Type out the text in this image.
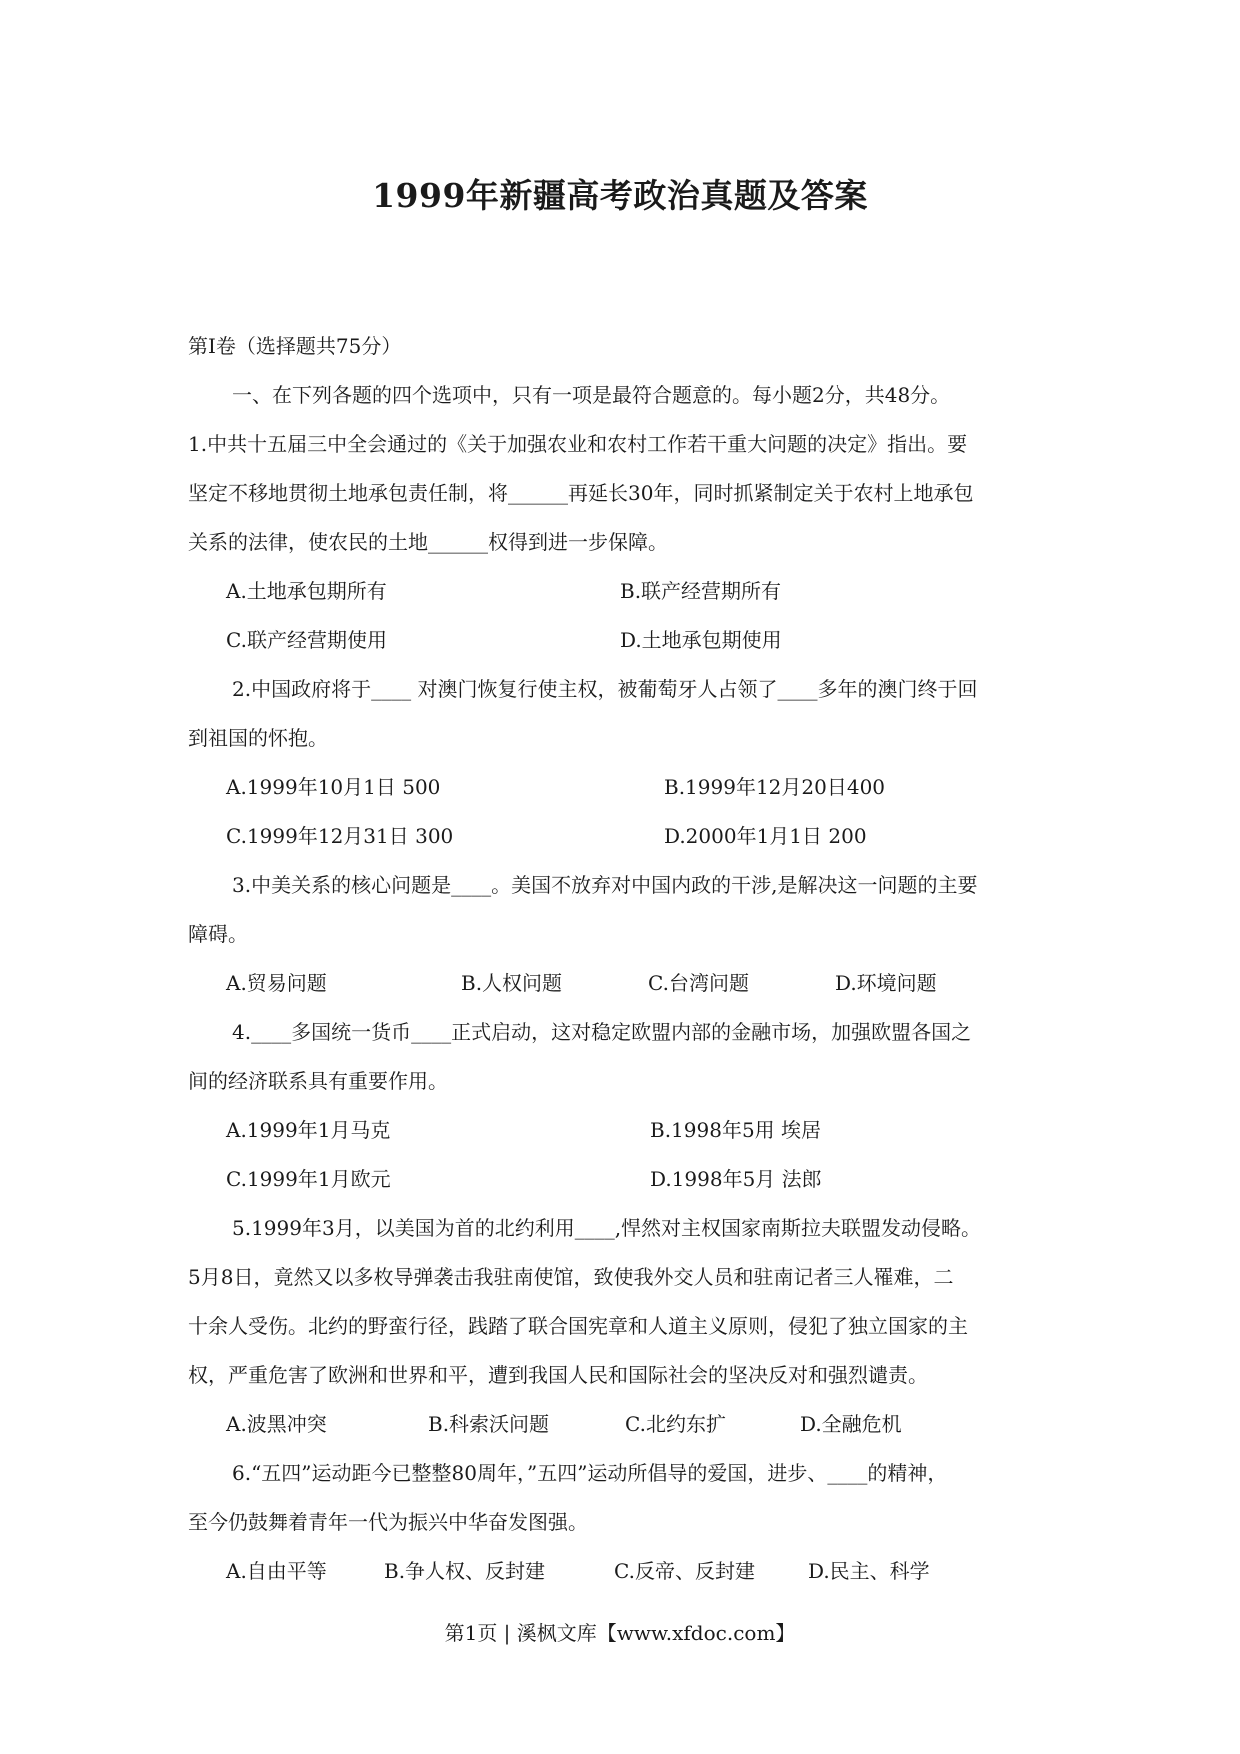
1999年新疆高考政治真题及答案
第Ⅰ卷（选择题共75分）
一、在下列各题的四个选项中，只有一项是最符合题意的。每小题2分，共48分。
1.中共十五届三中全会通过的《关于加强农业和农村工作若干重大问题的决定》指出。要
坚定不移地贯彻土地承包责任制，将______再延长30年，同时抓紧制定关于农村上地承包
关系的法律，使农民的土地______权得到进一步保障。
A.土地承包期所有	B.联产经营期所有
C.联产经营期使用	D.土地承包期使用
2.中国政府将于____ 对澳门恢复行使主权，被葡萄牙人占领了____多年的澳门终于回
到祖国的怀抱。
A.1999年10月1日 500	B.1999年12月20日400
C.1999年12月31日 300	D.2000年1月1日 200
3.中美关系的核心问题是____。美国不放弃对中国内政的干涉,是解决这一问题的主要
障碍。
A.贸易问题	B.人权问题	C.台湾问题	D.环境问题
4.____多国统一货币____正式启动，这对稳定欧盟内部的金融市场，加强欧盟各国之
间的经济联系具有重要作用。
A.1999年1月马克	B.1998年5用 埃居
C.1999年1月欧元	D.1998年5月 法郎
5.1999年3月，以美国为首的北约利用____,悍然对主权国家南斯拉夫联盟发动侵略。
5月8日，竟然又以多枚导弹袭击我驻南使馆，致使我外交人员和驻南记者三人罹难，二
十余人受伤。北约的野蛮行径，践踏了联合国宪章和人道主义原则，侵犯了独立国家的主
权，严重危害了欧洲和世界和平，遭到我国人民和国际社会的坚决反对和强烈谴责。
A.波黑冲突	B.科索沃问题	C.北约东扩	D.全融危机
6.“五四”运动距今已整整80周年，”五四”运动所倡导的爱国，进步、____的精神，
至今仍鼓舞着青年一代为振兴中华奋发图强。
A.自由平等	B.争人权、反封建	C.反帝、反封建	D.民主、科学
第1页 | 溪枫文库【www.xfdoc.com】
